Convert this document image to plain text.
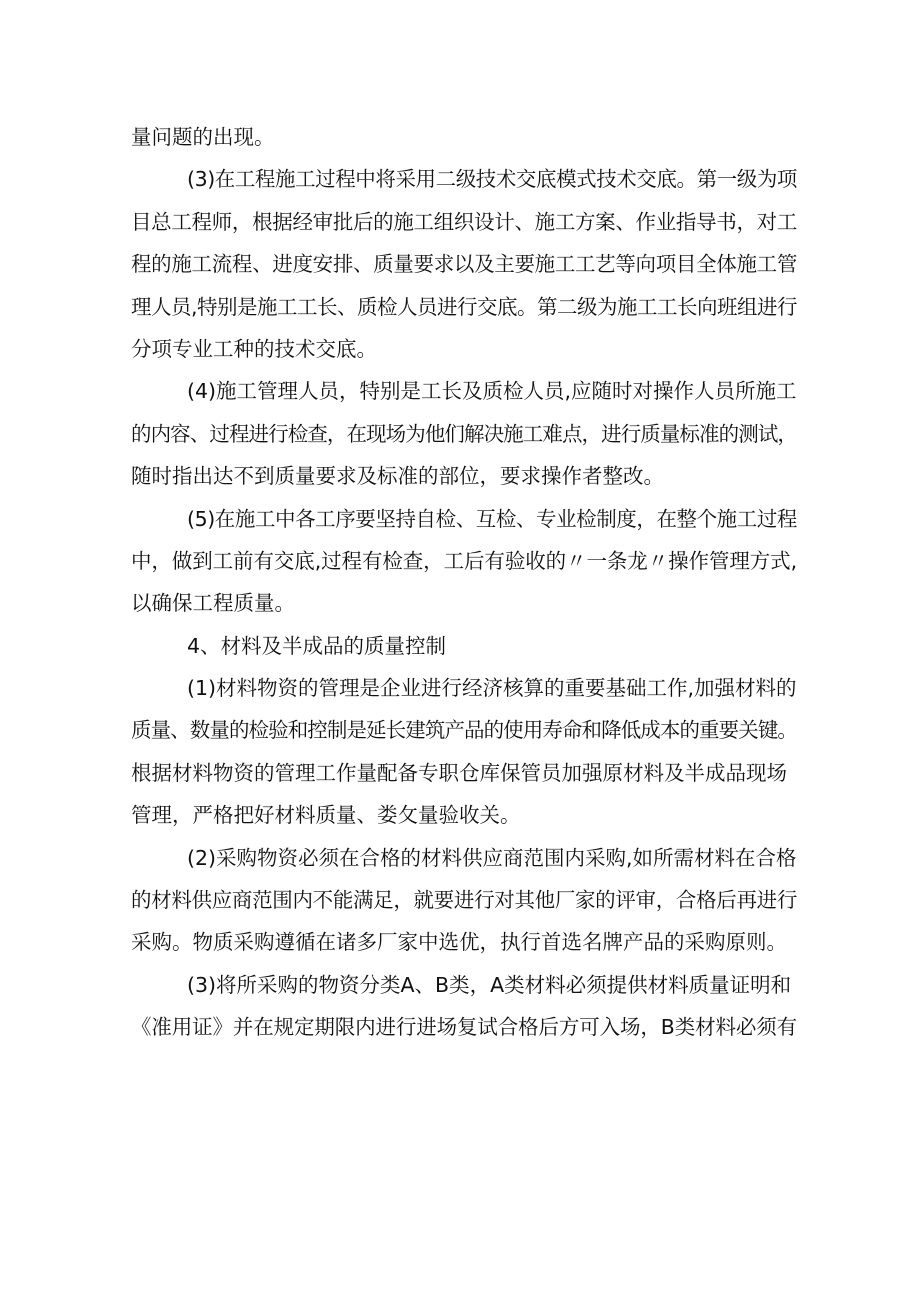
量问题的出现。
(3)在工程施工过程中将采用二级技术交底模式技术交底。第一级为项
目总工程师，根据经审批后的施工组织设计、施工方案、作业指导书，对工
程的施工流程、进度安排、质量要求以及主要施工工艺等向项目全体施工管
理人员,特别是施工工长、质检人员进行交底。第二级为施工工长向班组进行
分项专业工种的技术交底。
(4)施工管理人员，特别是工长及质检人员,应随时对操作人员所施工
的内容、过程进行检查，在现场为他们解决施工难点，进行质量标准的测试，
随时指出达不到质量要求及标准的部位，要求操作者整改。
(5)在施工中各工序要坚持自检、互检、专业检制度，在整个施工过程
中，做到工前有交底,过程有检查，工后有验收的〃一条龙〃操作管理方式,
以确保工程质量。
4、材料及半成品的质量控制
(1)材料物资的管理是企业进行经济核算的重要基础工作,加强材料的
质量、数量的检验和控制是延长建筑产品的使用寿命和降低成本的重要关键。
根据材料物资的管理工作量配备专职仓库保管员加强原材料及半成品现场
管理，严格把好材料质量、娄攵量验收关。
(2)采购物资必须在合格的材料供应商范围内采购,如所需材料在合格
的材料供应商范围内不能满足，就要进行对其他厂家的评审，合格后再进行
采购。物质采购遵循在诸多厂家中选优，执行首选名牌产品的采购原则。
(3)将所采购的物资分类A、B类，A类材料必须提供材料质量证明和
《准用证》并在规定期限内进行进场复试合格后方可入场，B类材料必须有
